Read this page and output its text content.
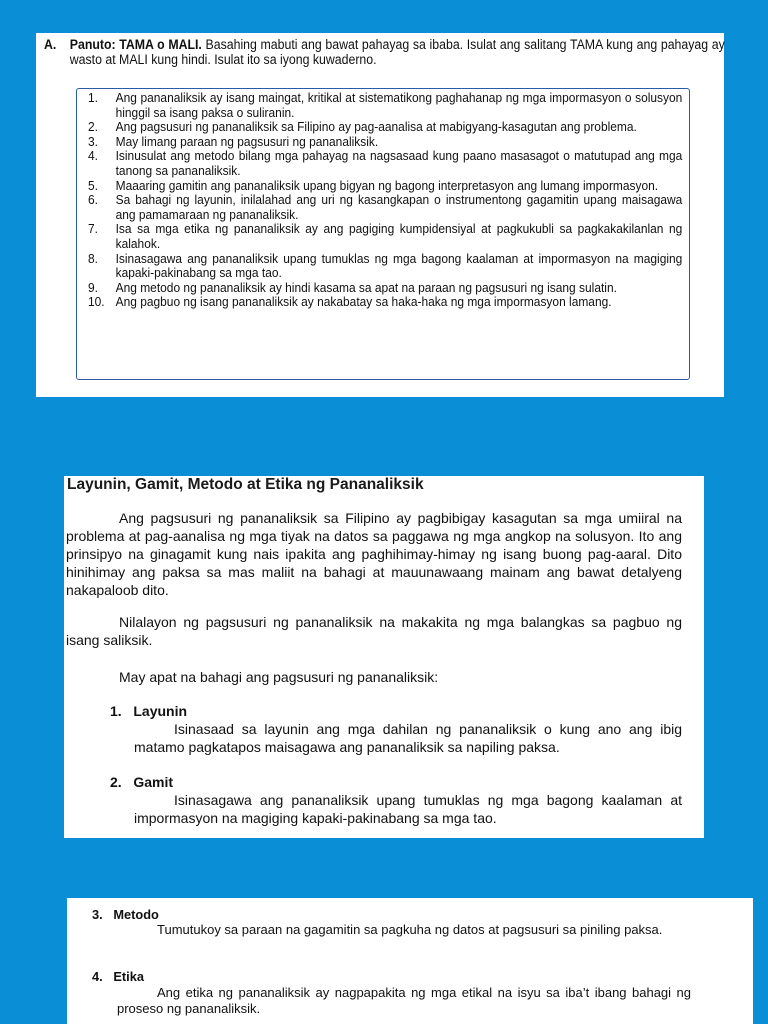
A. Panuto: TAMA o MALI. Basahing mabuti ang bawat pahayag sa ibaba. Isulat ang salitang TAMA kung ang pahayag ay wasto at MALI kung hindi. Isulat ito sa iyong kuwaderno.
1.	Ang pananaliksik ay isang maingat, kritikal at sistematikong paghahanap ng mga impormasyon o solusyon hinggil sa isang paksa o suliranin.
2.	Ang pagsusuri ng pananaliksik sa Filipino ay pag-aanalisa at mabigyang-kasagutan ang problema.
3.	May limang paraan ng pagsusuri ng pananaliksik.
4.	Isinusulat ang metodo bilang mga pahayag na nagsasaad kung paano masasagot o matutupad ang mga tanong sa pananaliksik.
5.	Maaaring gamitin ang pananaliksik upang bigyan ng bagong interpretasyon ang lumang impormasyon.
6.	Sa bahagi ng layunin, inilalahad ang uri ng kasangkapan o instrumentong gagamitin upang maisagawa ang pamamaraan ng pananaliksik.
7.	Isa sa mga etika ng pananaliksik ay ang pagiging kumpidensiyal at pagkukubli sa pagkakakilanlan ng kalahok.
8.	Isinasagawa ang pananaliksik upang tumuklas ng mga bagong kaalaman at impormasyon na magiging kapaki-pakinabang sa mga tao.
9.	Ang metodo ng pananaliksik ay hindi kasama sa apat na paraan ng pagsusuri ng isang sulatin.
10. Ang pagbuo ng isang pananaliksik ay nakabatay sa haka-haka ng mga impormasyon lamang.
Layunin, Gamit, Metodo at Etika ng Pananaliksik
Ang pagsusuri ng pananaliksik sa Filipino ay pagbibigay kasagutan sa mga umiiral na problema at pag-aanalisa ng mga tiyak na datos sa paggawa ng mga angkop na solusyon. Ito ang prinsipyo na ginagamit kung nais ipakita ang paghihimay-himay ng isang buong pag-aaral. Dito hinihimay ang paksa sa mas maliit na bahagi at mauunawaang mainam ang bawat detalyeng nakapaloob dito.
Nilalayon ng pagsusuri ng pananaliksik na makakita ng mga balangkas sa pagbuo ng isang saliksik.
May apat na bahagi ang pagsusuri ng pananaliksik:
1. Layunin
Isinasaad sa layunin ang mga dahilan ng pananaliksik o kung ano ang ibig matamo pagkatapos maisagawa ang pananaliksik sa napiling paksa.
2. Gamit
Isinasagawa ang pananaliksik upang tumuklas ng mga bagong kaalaman at impormasyon na magiging kapaki-pakinabang sa mga tao.
3. Metodo
Tumutukoy sa paraan na gagamitin sa pagkuha ng datos at pagsusuri sa piniling paksa.
4. Etika
Ang etika ng pananaliksik ay nagpapakita ng mga etikal na isyu sa iba’t ibang bahagi ng proseso ng pananaliksik.
